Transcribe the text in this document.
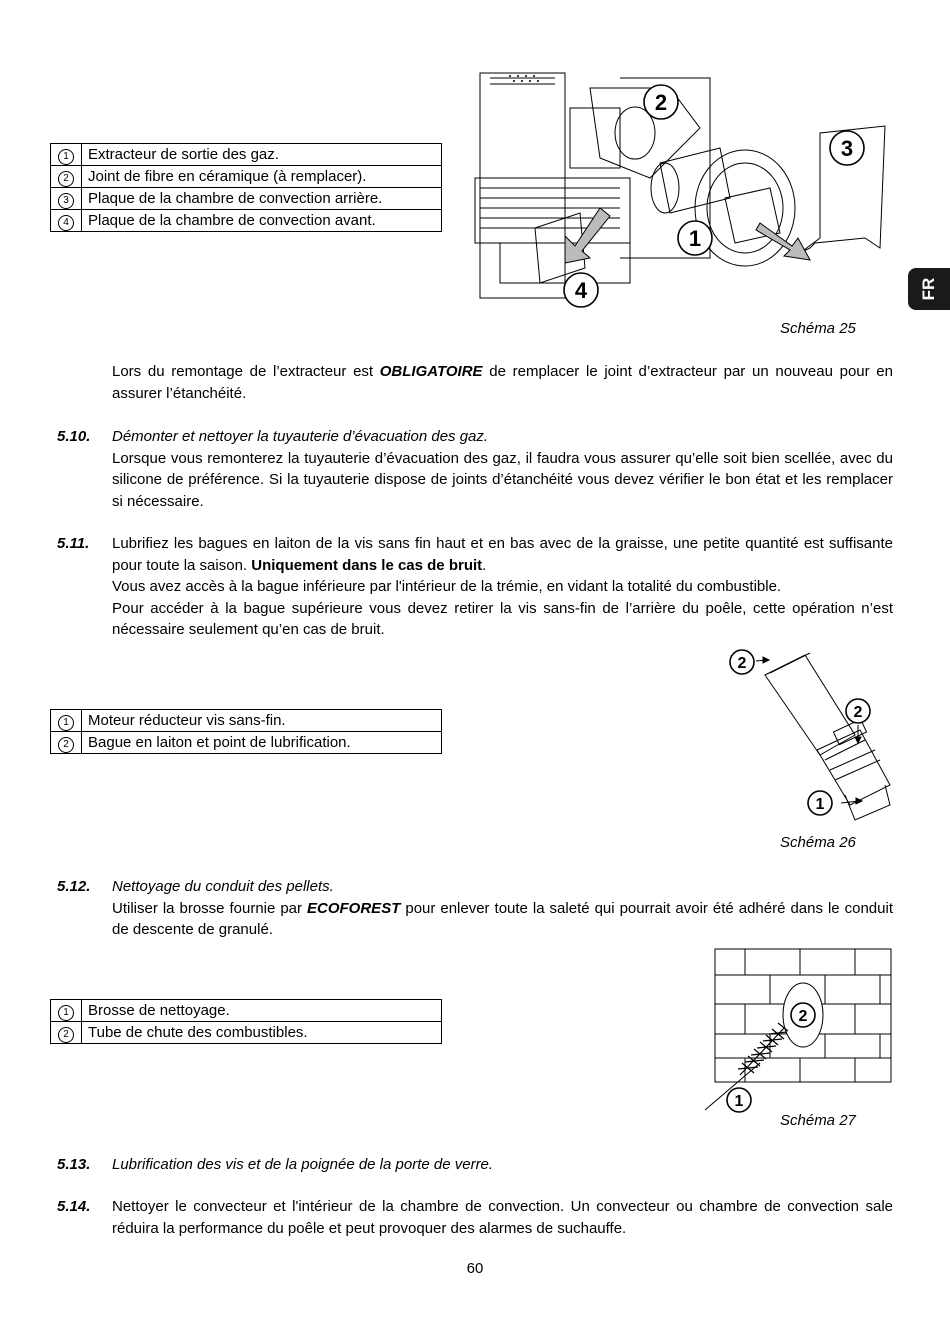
FR
1	Extracteur de sortie des gaz.
2	Joint de fibre en céramique (à remplacer).
3	Plaque de la chambre de convection arrière.
4	Plaque de la chambre de convection avant.
2
3
1
4
Schéma 25
Lors du remontage de l’extracteur est OBLIGATOIRE de remplacer le joint d’extracteur par un nouveau pour en assurer l’étanchéité.
5.10. Démonter et nettoyer la tuyauterie d’évacuation des gaz.
Lorsque vous remonterez la tuyauterie d’évacuation des gaz, il faudra vous assurer qu’elle soit bien scellée, avec du silicone de préférence. Si la tuyauterie dispose de joints d’étanchéité vous devez vérifier le bon état et les remplacer si nécessaire.
5.11. Lubrifiez les bagues en laiton de la vis sans fin haut et en bas avec de la graisse, une petite quantité est suffisante pour toute la saison. Uniquement dans le cas de bruit.
Vous avez accès à la bague inférieure par l'intérieur de la trémie, en vidant la totalité du combustible.
Pour accéder à la bague supérieure vous devez retirer la vis sans-fin de l’arrière du poêle, cette opération n’est nécessaire seulement qu’en cas de bruit.
1	Moteur réducteur vis sans-fin.
2	Bague en laiton et point de lubrification.
2
2
1
Schéma 26
5.12. Nettoyage du conduit des pellets.
Utiliser la brosse fournie par ECOFOREST pour enlever toute la saleté qui pourrait avoir été adhéré dans le conduit de descente de granulé.
1	Brosse de nettoyage.
2	Tube de chute des combustibles.
2
1
Schéma 27
5.13. Lubrification des vis et de la poignée de la porte de verre.
5.14. Nettoyer le convecteur et l'intérieur de la chambre de convection. Un convecteur ou chambre de convection sale réduira la performance du poêle et peut provoquer des alarmes de suchauffe.
60
